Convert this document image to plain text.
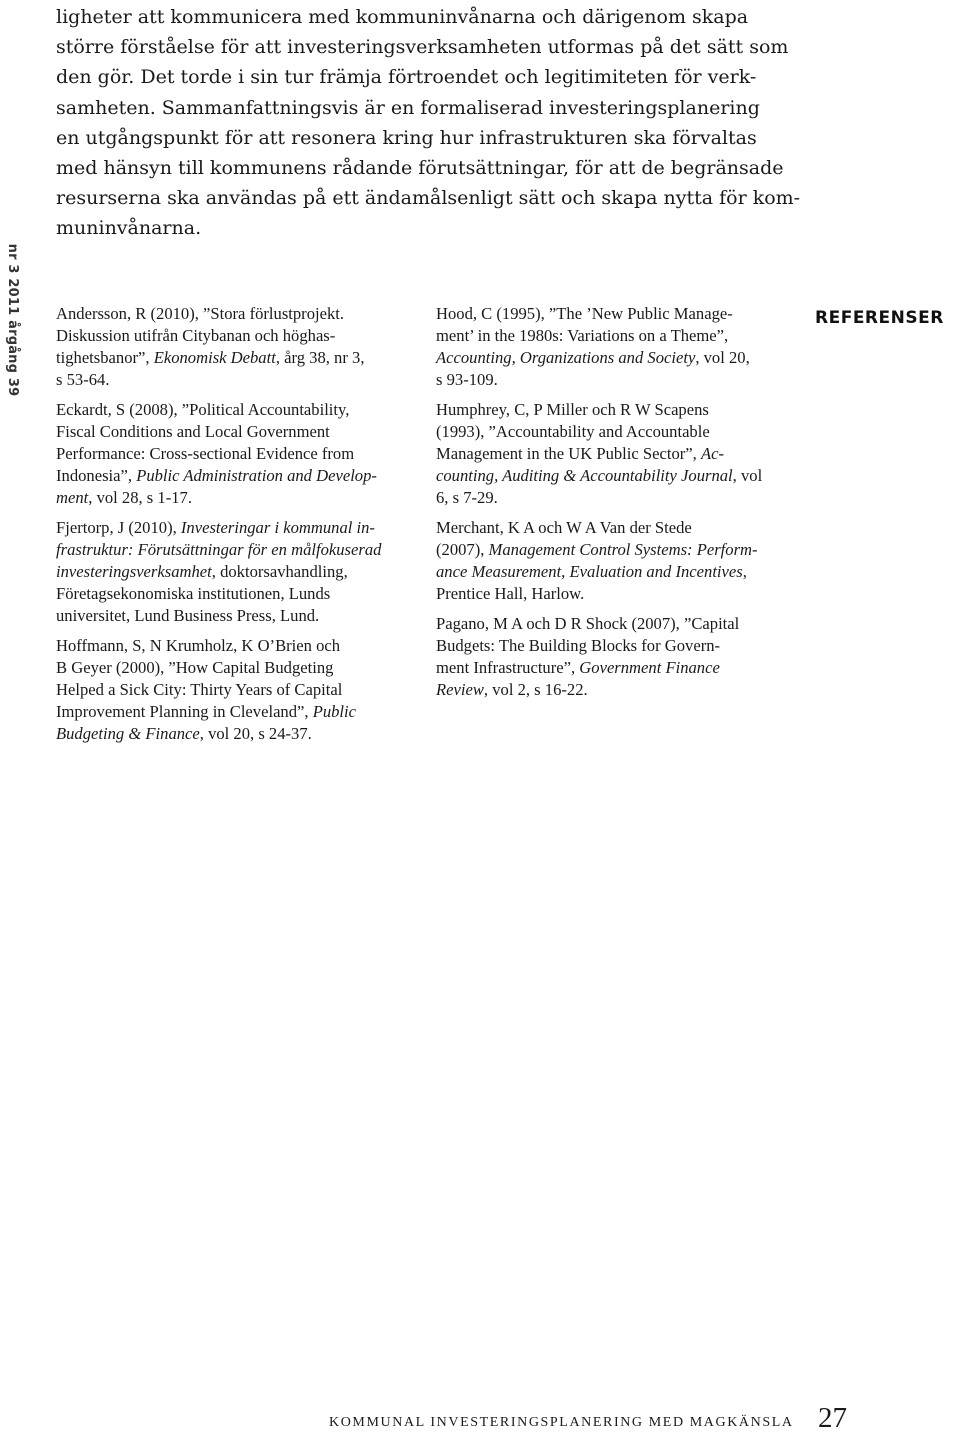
ligheter att kommunicera med kommuninvånarna och därigenom skapa
större förståelse för att investeringsverksamheten utformas på det sätt som
den gör. Det torde i sin tur främja förtroendet och legitimiteten för verk-
samheten. Sammanfattningsvis är en formaliserad investeringsplanering
en utgångspunkt för att resonera kring hur infrastrukturen ska förvaltas
med hänsyn till kommunens rådande förutsättningar, för att de begränsade
resurserna ska användas på ett ändamålsenligt sätt och skapa nytta för kom-
muninvånarna.

nr 3 2011 årgång 39 Andersson, R (2010), ”Stora förlustprojekt.
Diskussion utifrån Citybanan och höghas-
tighetsbanor”, Ekonomisk Debatt, årg 38, nr 3,
s 53-64.
Eckardt, S (2008), ”Political Accountability,
Fiscal Conditions and Local Government
Performance: Cross-sectional Evidence from
Indonesia”, Public Administration and Develop-
ment, vol 28, s 1-17.
Fjertorp, J (2010), Investeringar i kommunal in-
frastruktur: Förutsättningar för en målfokuserad
investeringsverksamhet, doktorsavhandling,
Företagsekonomiska institutionen, Lunds
universitet, Lund Business Press, Lund.
Hoffmann, S, N Krumholz, K O’Brien och
B Geyer (2000), ”How Capital Budgeting
Helped a Sick City: Thirty Years of Capital
Improvement Planning in Cleveland”, Public
Budgeting & Finance, vol 20, s 24-37.
Hood, C (1995), ”The ’New Public Manage-
ment’ in the 1980s: Variations on a Theme”,
Accounting, Organizations and Society, vol 20,
s 93-109.
Humphrey, C, P Miller och R W Scapens
(1993), ”Accountability and Accountable
Management in the UK Public Sector”, Ac-
counting, Auditing & Accountability Journal, vol
6, s 7-29.
Merchant, K A och W A Van der Stede
(2007), Management Control Systems: Perform-
ance Measurement, Evaluation and Incentives,
Prentice Hall, Harlow.
Pagano, M A och D R Shock (2007), ”Capital
Budgets: The Building Blocks for Govern-
ment Infrastructure”, Government Finance
Review, vol 2, s 16-22.
REFERENSER
KOMMUNAL INVESTERINGSPLANERING MED MAGKÄNSLA 27
